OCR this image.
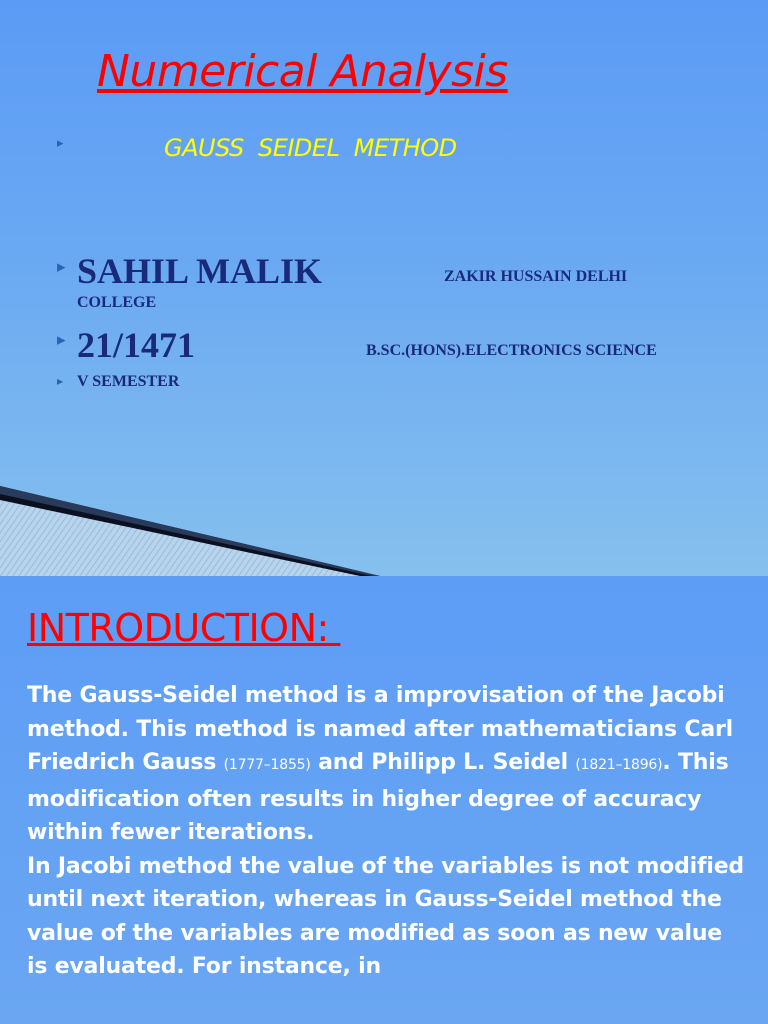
Numerical Analysis
▸	GAUSS  SEIDEL  METHOD
▸ SAHIL MALIK	ZAKIR HUSSAIN DELHI
COLLEGE
▸ 21/1471	B.SC.(HONS).ELECTRONICS SCIENCE
▸ V SEMESTER
INTRODUCTION:
The Gauss-Seidel method is a improvisation of the Jacobi method. This method is named after mathematicians Carl Friedrich Gauss (1777–1855) and Philipp L. Seidel (1821–1896). This modification often results in higher degree of accuracy within fewer iterations.
In Jacobi method the value of the variables is not modified until next iteration, whereas in Gauss-Seidel method the value of the variables are modified as soon as new value is evaluated. For instance, in
